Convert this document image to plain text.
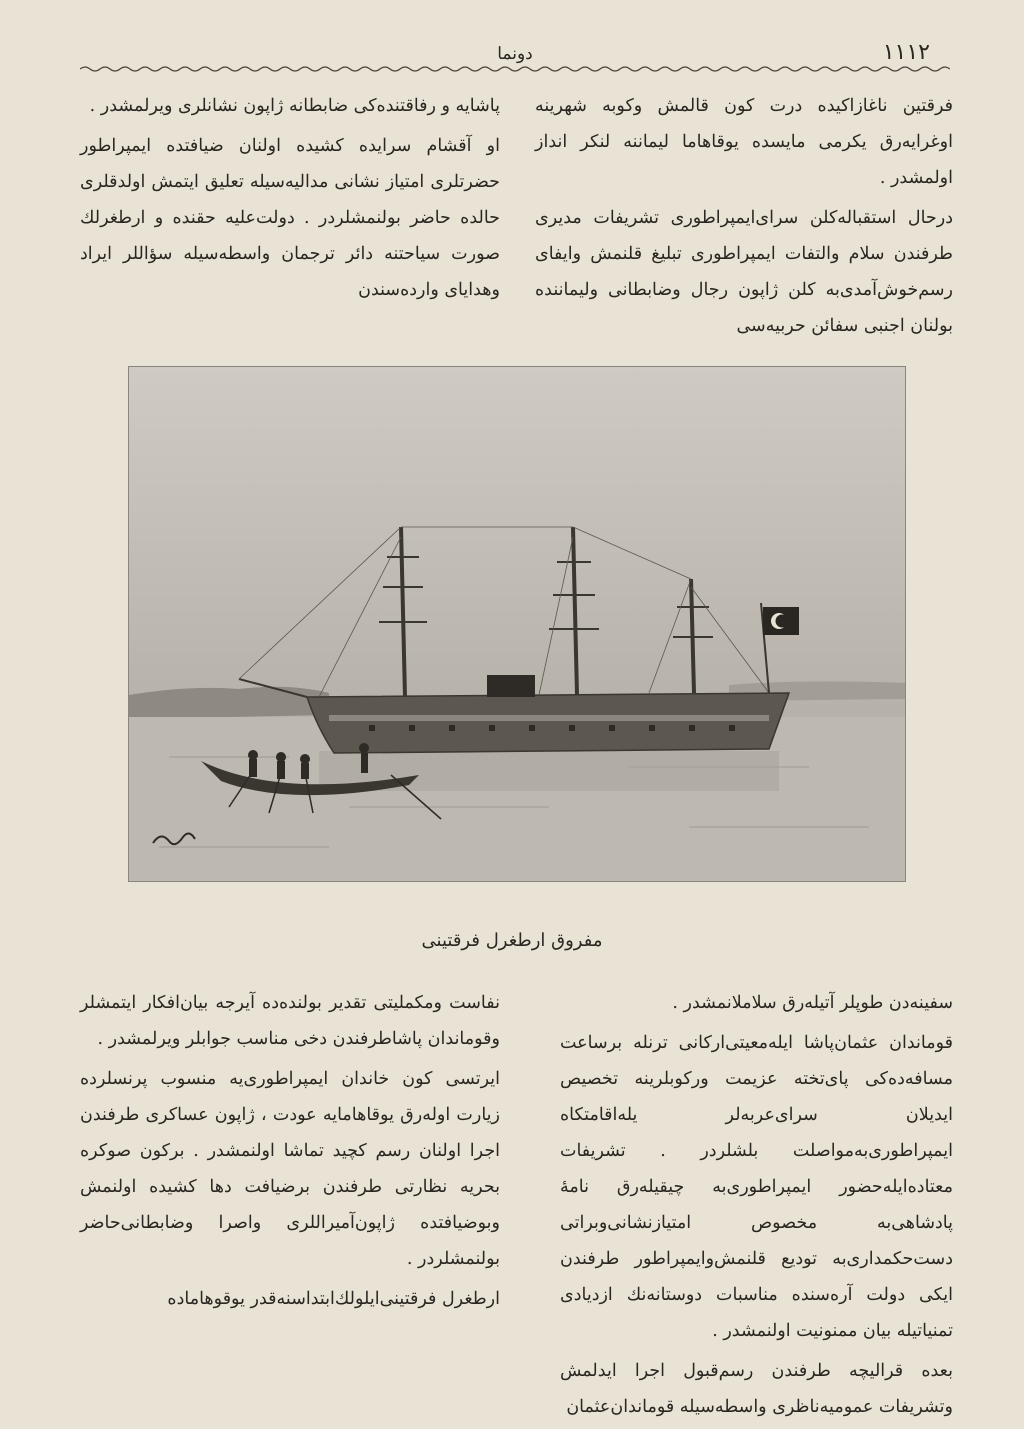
دونما	١١١٢

فرقتين ناغازاكيده درت كون قالمش وكوبه شهرينه اوغرايه‌رق يكرمی مايسده يوقاهاما ليماننه لنكر انداز اولمشدر .

درحال استقباله‌كلن سرای‌ايمپراطوری تشريفات مديری طرفندن سلام والتفات ايمپراطوری تبليغ قلنمش وايفای رسم‌خوش‌آمدی‌به كلن ژاپون رجال وضابطانی وليماننده بولنان اجنبی سفائن حربيه‌سی

پاشايه و رفاقتنده‌كی ضابطانه ژاپون نشانلری ويرلمشدر .

او آقشام سرايده كشيده اولنان ضيافتده ايمپراطور حضرتلری امتياز نشانی مداليه‌سيله تعليق ايتمش اولدقلری حالده حاضر بولنمشلردر . دولت‌عليه حقنده و ارطغرلك صورت سياحتنه دائر ترجمان واسطه‌سيله سؤاللر ايراد وهدايای وارده‌سندن

مفروق ارطغرل فرقتينی

سفينه‌دن طوپلر آتيله‌رق سلاملانمشدر .

قوماندان عثمان‌پاشا ايله‌معيتی‌اركانی ترنله برساعت مسافه‌ده‌كی پای‌تخته عزيمت وركوبلرينه تخصيص ايديلان سرای‌عربه‌لر يله‌اقامتكاه ايمپراطوری‌به‌مواصلت بلشلردر . تشريفات معتاده‌ايله‌حضور ايمپراطوری‌به چيقيله‌رق نامهٔ پادشاهی‌به مخصوص امتيازنشانی‌وبراتی دست‌حكمداری‌به توديع قلنمش‌وايمپراطور طرفندن ايكی دولت آره‌سنده مناسبات دوستانه‌نك ازديادی تمنياتيله بيان ممنونيت اولنمشدر .

بعده قراليچه طرفندن رسم‌قبول اجرا ايدلمش وتشريفات عموميه‌ناظری واسطه‌سيله قوماندان‌عثمان

نفاست ومكمليتی تقدير بولنده‌ده آيرجه بيان‌افكار ايتمشلر وقوماندان پاشاطرفندن دخی مناسب جوابلر ويرلمشدر .

ايرتسی كون خاندان ايمپراطوری‌يه منسوب پرنسلرده زيارت اوله‌رق يوقاهامايه عودت ، ژاپون عساكری طرفندن اجرا اولنان رسم كچيد تماشا اولنمشدر . بركون صوكره بحريه نظارتی طرفندن برضيافت دها كشيده اولنمش وبوضيافتده ژاپون‌آميراللری واصرا وضابطانی‌حاضر بولنمشلردر .

ارطغرل فرقتينی‌ايلولك‌ابتداسنه‌قدر يوقوهاماده
